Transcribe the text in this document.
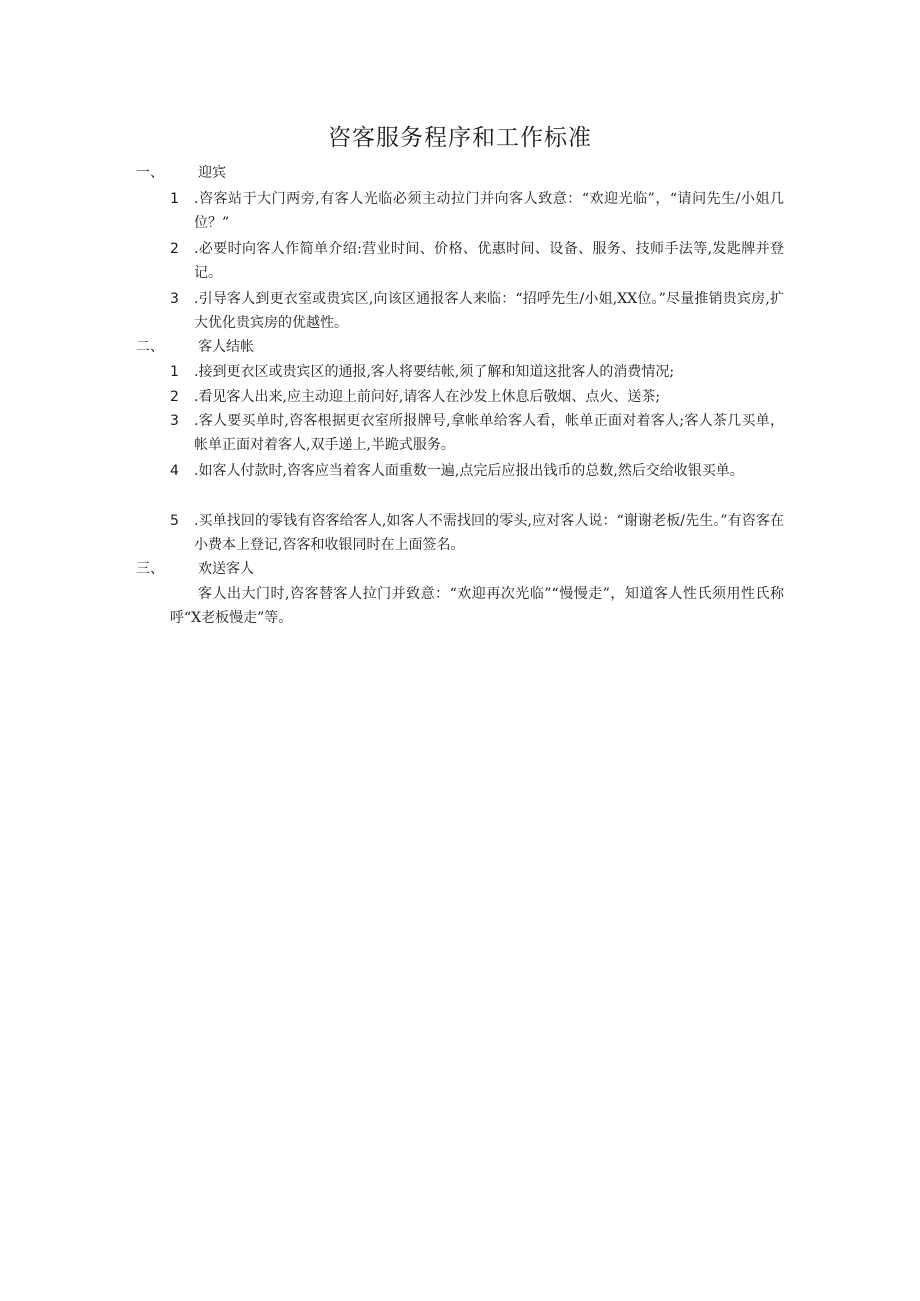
咨客服务程序和工作标准
一、 迎宾
1	.咨客站于大门两旁,有客人光临必须主动拉门并向客人致意：“欢迎光临”，“请问先生/小姐几位？”
2	.必要时向客人作简单介绍:营业时间、价格、优惠时间、设备、服务、技师手法等,发匙牌并登记。
3	.引导客人到更衣室或贵宾区,向该区通报客人来临：“招呼先生/小姐,XX位。”尽量推销贵宾房,扩大优化贵宾房的优越性。
二、 客人结帐
1	.接到更衣区或贵宾区的通报,客人将要结帐,须了解和知道这批客人的消费情况;
2	.看见客人出来,应主动迎上前问好,请客人在沙发上休息后敬烟、点火、送茶;
3	.客人要买单时,咨客根据更衣室所报牌号,拿帐单给客人看，帐单正面对着客人;客人茶几买单，帐单正面对着客人,双手递上,半跪式服务。
4	.如客人付款时,咨客应当着客人面重数一遍,点完后应报出钱币的总数,然后交给收银买单。
5	.买单找回的零钱有咨客给客人,如客人不需找回的零头,应对客人说：“谢谢老板/先生。”有咨客在小费本上登记,咨客和收银同时在上面签名。
三、 欢送客人
客人出大门时,咨客替客人拉门并致意：“欢迎再次光临”“慢慢走”，知道客人性氏须用性氏称呼“X老板慢走”等。
